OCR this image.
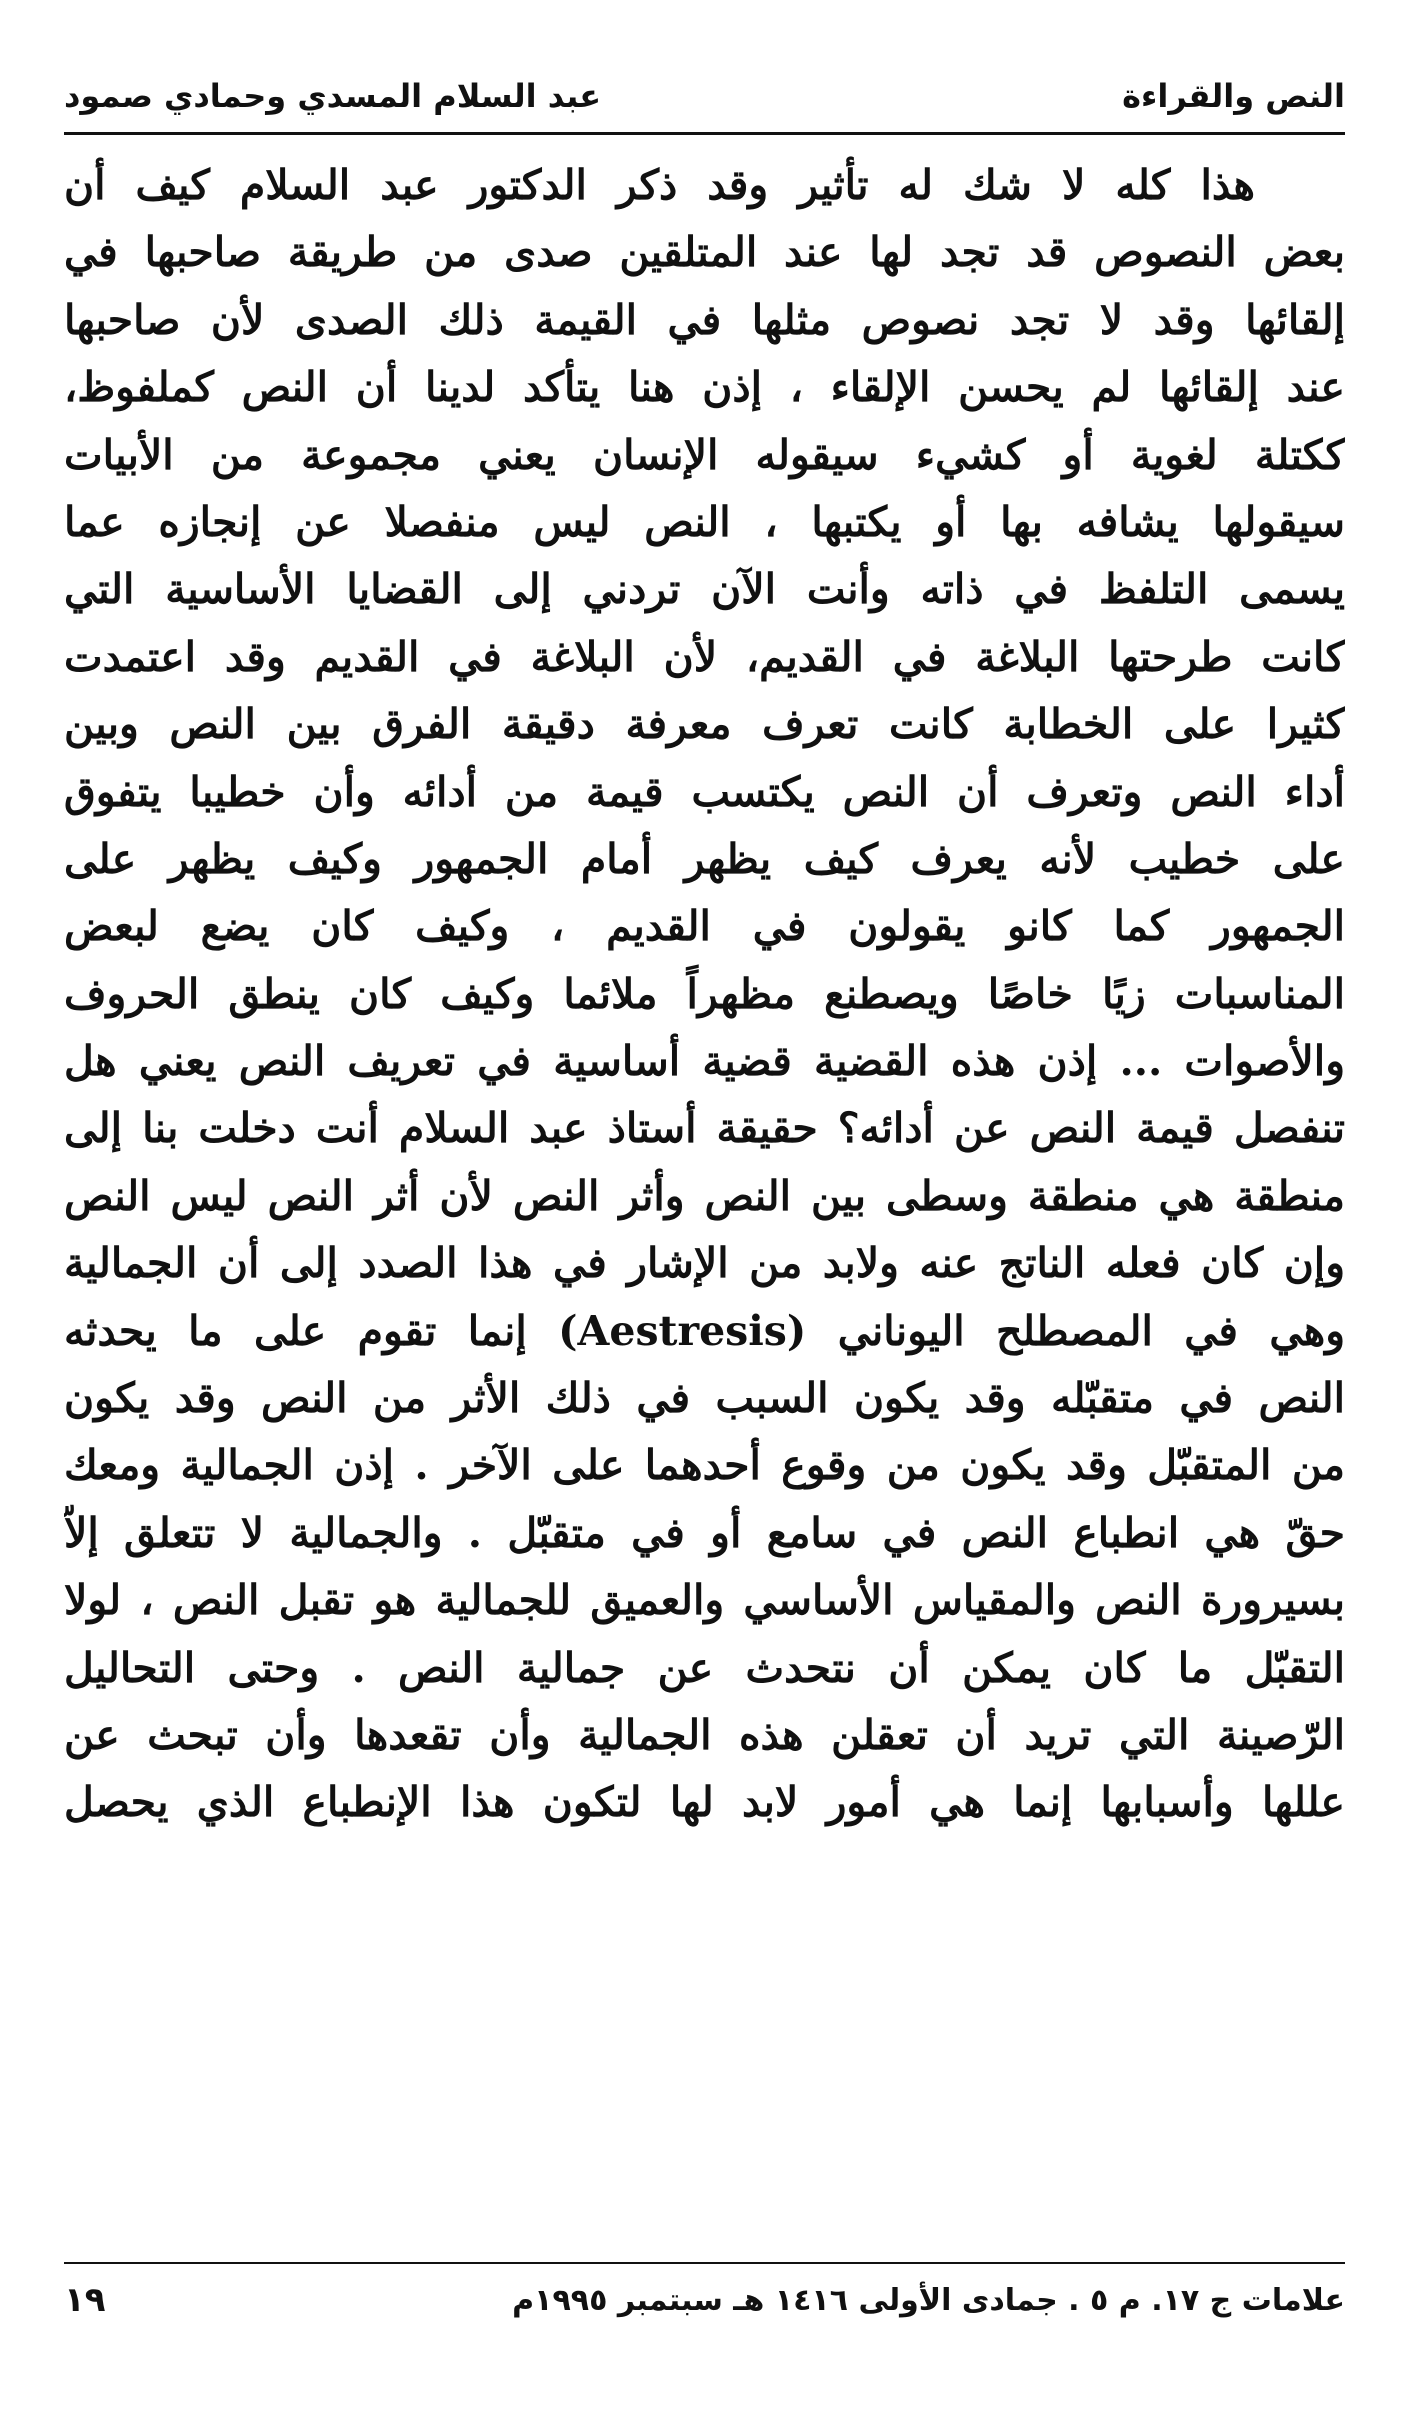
عبد السلام المسدي وحمادي صمود	النص والقراءة
هذا كله لا شك له تأثير وقد ذكر الدكتور عبد السلام كيف أن
بعض النصوص قد تجد لها عند المتلقين صدى من طريقة صاحبها في
إلقائها وقد لا تجد نصوص مثلها في القيمة ذلك الصدى لأن صاحبها
عند إلقائها لم يحسن الإلقاء ، إذن هنا يتأكد لدينا أن النص كملفوظ،
ككتلة لغوية أو كشيء سيقوله الإنسان يعني مجموعة من الأبيات
سيقولها يشافه بها أو يكتبها ، النص ليس منفصلا عن إنجازه عما
يسمى التلفظ في ذاته وأنت الآن تردني إلى القضايا الأساسية التي
كانت طرحتها البلاغة في القديم، لأن البلاغة في القديم وقد اعتمدت
كثيرا على الخطابة كانت تعرف معرفة دقيقة الفرق بين النص وبين
أداء النص وتعرف أن النص يكتسب قيمة من أدائه وأن خطيبا يتفوق
على خطيب لأنه يعرف كيف يظهر أمام الجمهور وكيف يظهر على
الجمهور كما كانو يقولون في القديم ، وكيف كان يضع لبعض
المناسبات زيًا خاصًا ويصطنع مظهراً ملائما وكيف كان ينطق الحروف
والأصوات ... إذن هذه القضية قضية أساسية في تعريف النص يعني هل
تنفصل قيمة النص عن أدائه؟ حقيقة أستاذ عبد السلام أنت دخلت بنا إلى
منطقة هي منطقة وسطى بين النص وأثر النص لأن أثر النص ليس النص
وإن كان فعله الناتج عنه ولابد من الإشار في هذا الصدد إلى أن الجمالية
وهي في المصطلح اليوناني (Aestresis) إنما تقوم على ما يحدثه
النص في متقبّله وقد يكون السبب في ذلك الأثر من النص وقد يكون
من المتقبّل وقد يكون من وقوع أحدهما على الآخر . إذن الجمالية ومعك
حقّ هي انطباع النص في سامع أو في متقبّل . والجمالية لا تتعلق إلاّ
بسيرورة النص والمقياس الأساسي والعميق للجمالية هو تقبل النص ، لولا
التقبّل ما كان يمكن أن نتحدث عن جمالية النص . وحتى التحاليل
الرّصينة التي تريد أن تعقلن هذه الجمالية وأن تقعدها وأن تبحث عن
عللها وأسبابها إنما هي أمور لابد لها لتكون هذا الإنطباع الذي يحصل
١٩	علامات ج ١٧. م ٥ . جمادى الأولى ١٤١٦ هـ سبتمبر ١٩٩٥م
